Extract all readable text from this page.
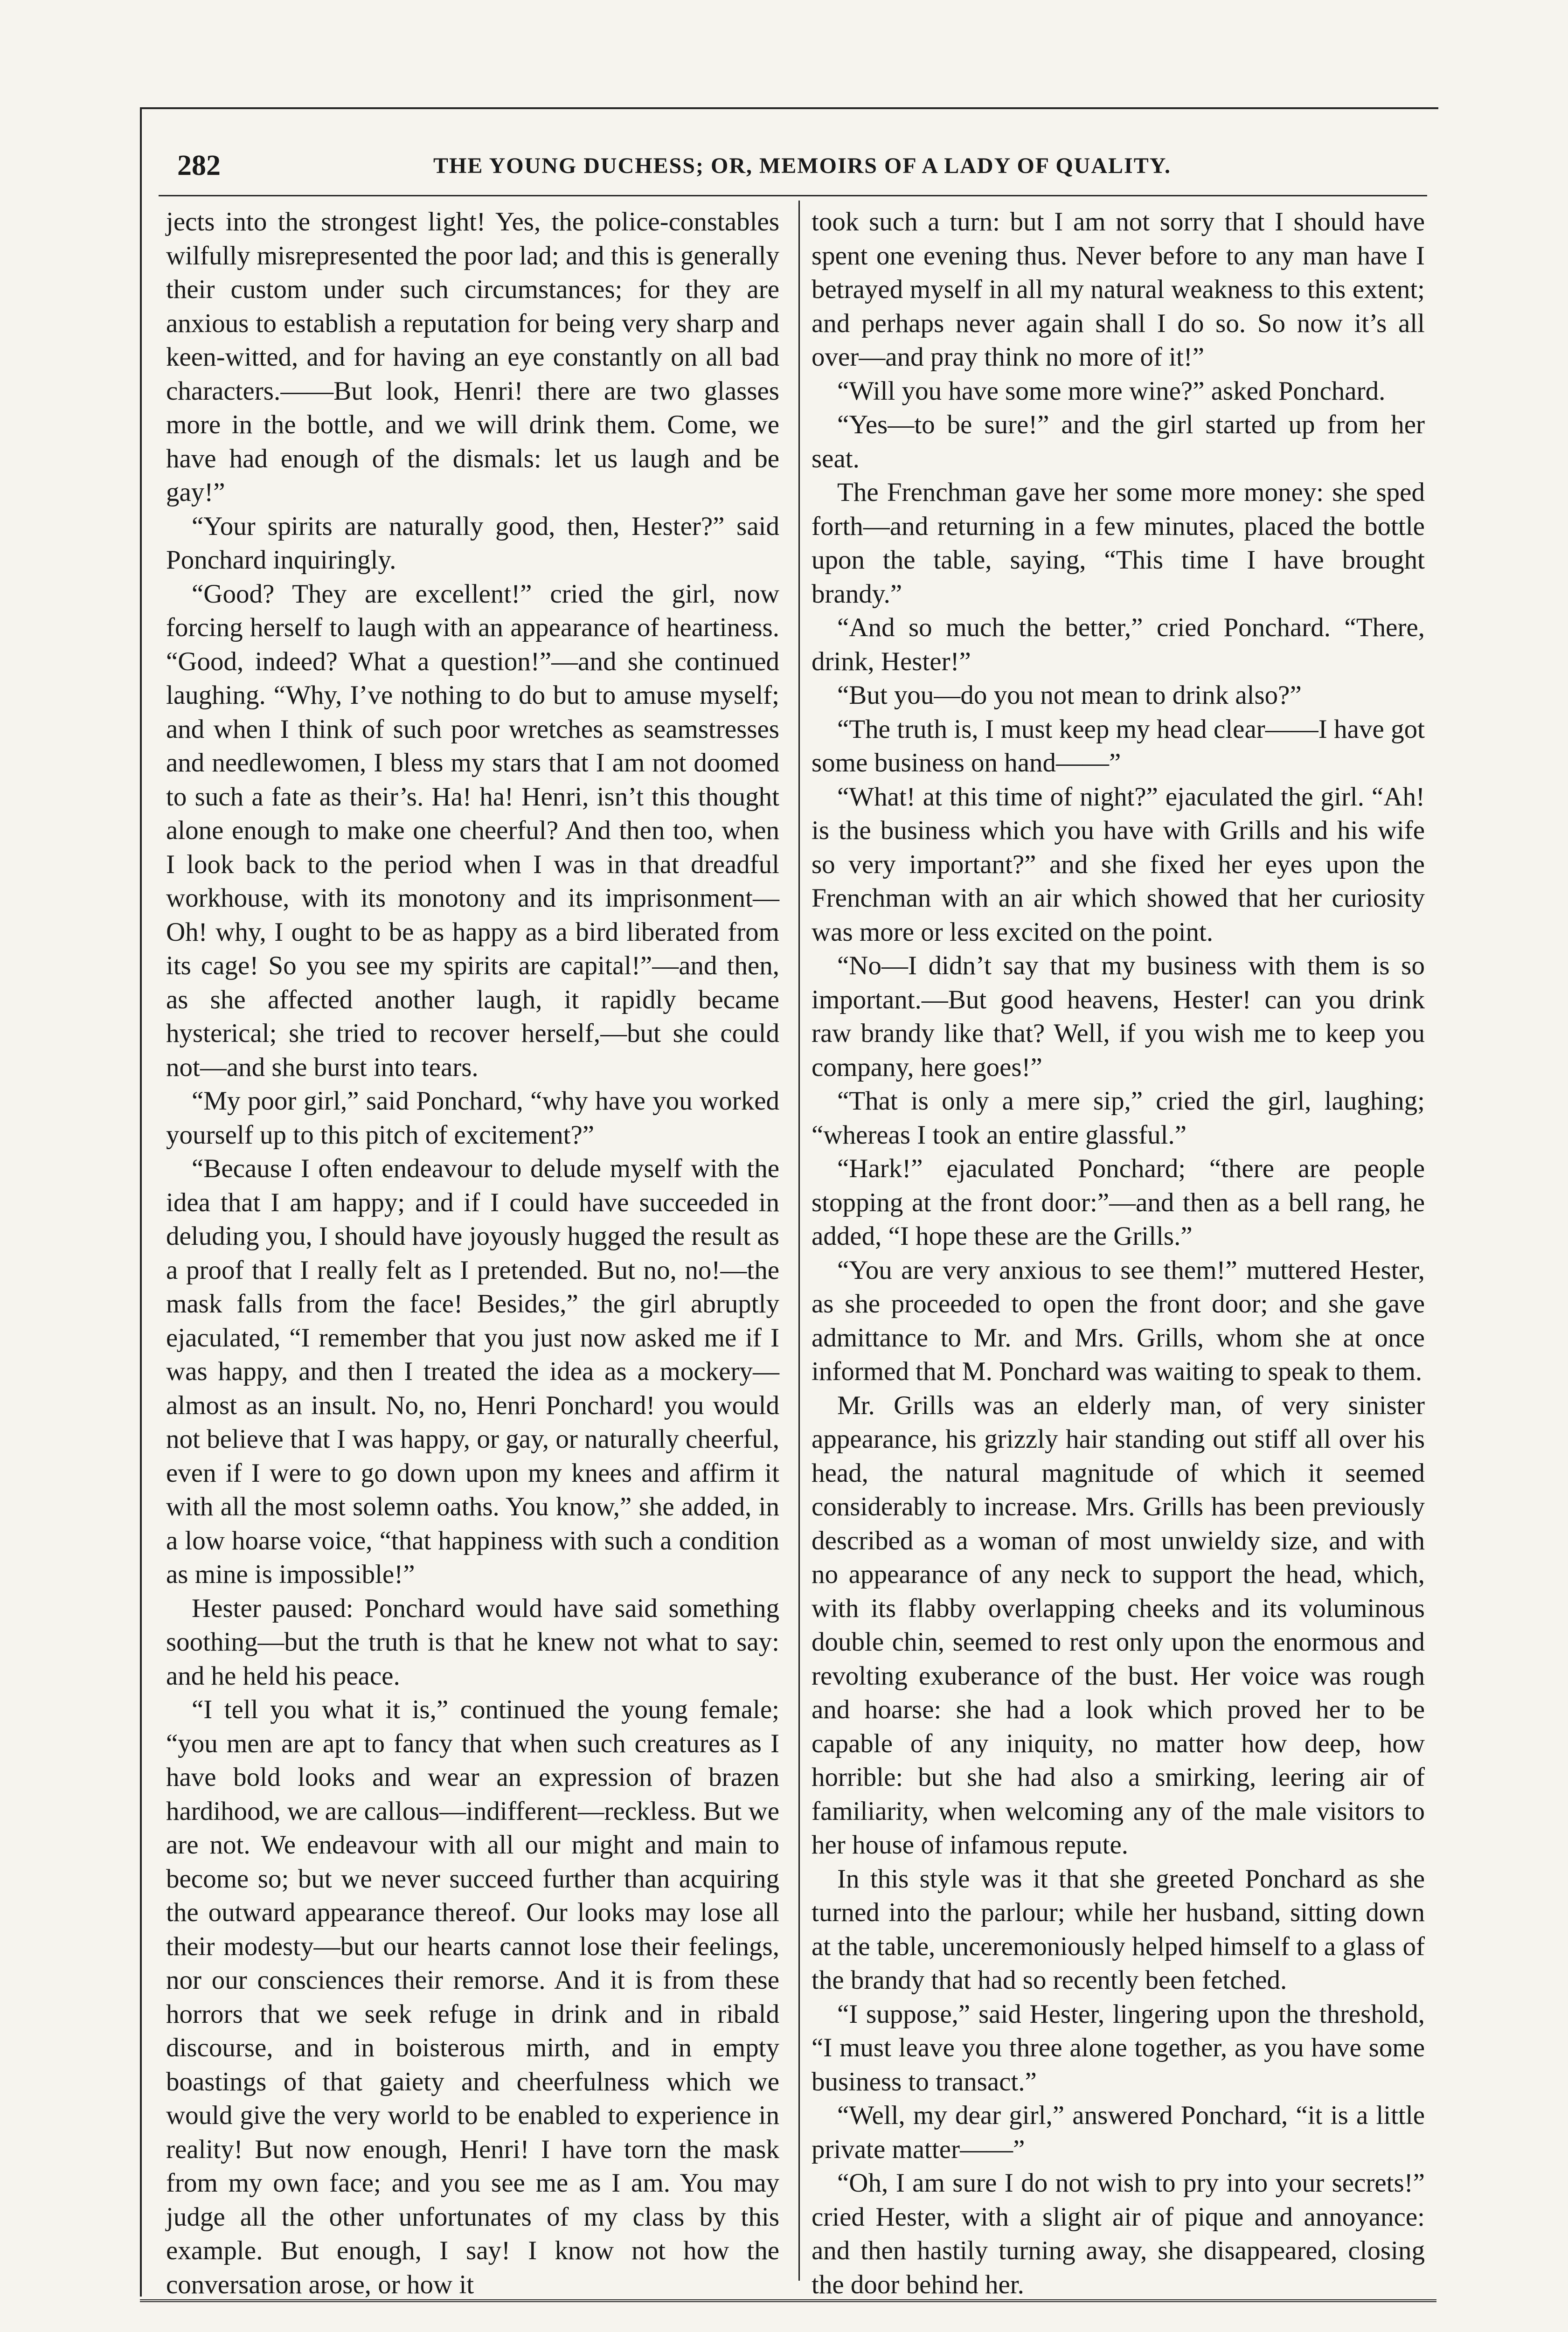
282	THE YOUNG DUCHESS; OR, MEMOIRS OF A LADY OF QUALITY.

jects into the strongest light! Yes, the police-constables wilfully misrepresented the poor lad; and this is generally their custom under such circumstances; for they are anxious to establish a reputation for being very sharp and keen-witted, and for having an eye constantly on all bad characters.——But look, Henri! there are two glasses more in the bottle, and we will drink them. Come, we have had enough of the dismals: let us laugh and be gay!”

“Your spirits are naturally good, then, Hester?” said Ponchard inquiringly.

“Good? They are excellent!” cried the girl, now forcing herself to laugh with an appearance of heartiness. “Good, indeed? What a question!”—and she continued laughing. “Why, I’ve nothing to do but to amuse myself; and when I think of such poor wretches as seamstresses and needlewomen, I bless my stars that I am not doomed to such a fate as their’s. Ha! ha! Henri, isn’t this thought alone enough to make one cheerful? And then too, when I look back to the period when I was in that dreadful workhouse, with its monotony and its imprisonment—Oh! why, I ought to be as happy as a bird liberated from its cage! So you see my spirits are capital!”—and then, as she affected another laugh, it rapidly became hysterical; she tried to recover herself,—but she could not—and she burst into tears.

“My poor girl,” said Ponchard, “why have you worked yourself up to this pitch of excitement?”

“Because I often endeavour to delude myself with the idea that I am happy; and if I could have succeeded in deluding you, I should have joyously hugged the result as a proof that I really felt as I pretended. But no, no!—the mask falls from the face! Besides,” the girl abruptly ejaculated, “I remember that you just now asked me if I was happy, and then I treated the idea as a mockery—almost as an insult. No, no, Henri Ponchard! you would not believe that I was happy, or gay, or naturally cheerful, even if I were to go down upon my knees and affirm it with all the most solemn oaths. You know,” she added, in a low hoarse voice, “that happiness with such a condition as mine is impossible!”

Hester paused: Ponchard would have said something soothing—but the truth is that he knew not what to say: and he held his peace.

“I tell you what it is,” continued the young female; “you men are apt to fancy that when such creatures as I have bold looks and wear an expression of brazen hardihood, we are callous—indifferent—reckless. But we are not. We endeavour with all our might and main to become so; but we never succeed further than acquiring the outward appearance thereof. Our looks may lose all their modesty—but our hearts cannot lose their feelings, nor our consciences their remorse. And it is from these horrors that we seek refuge in drink and in ribald discourse, and in boisterous mirth, and in empty boastings of that gaiety and cheerfulness which we would give the very world to be enabled to experience in reality! But now enough, Henri! I have torn the mask from my own face; and you see me as I am. You may judge all the other unfortunates of my class by this example. But enough, I say! I know not how the conversation arose, or how it

took such a turn: but I am not sorry that I should have spent one evening thus. Never before to any man have I betrayed myself in all my natural weakness to this extent; and perhaps never again shall I do so. So now it’s all over—and pray think no more of it!”

“Will you have some more wine?” asked Ponchard.

“Yes—to be sure!” and the girl started up from her seat.

The Frenchman gave her some more money: she sped forth—and returning in a few minutes, placed the bottle upon the table, saying, “This time I have brought brandy.”

“And so much the better,” cried Ponchard. “There, drink, Hester!”

“But you—do you not mean to drink also?”

“The truth is, I must keep my head clear——I have got some business on hand——”

“What! at this time of night?” ejaculated the girl. “Ah! is the business which you have with Grills and his wife so very important?” and she fixed her eyes upon the Frenchman with an air which showed that her curiosity was more or less excited on the point.

“No—I didn’t say that my business with them is so important.—But good heavens, Hester! can you drink raw brandy like that? Well, if you wish me to keep you company, here goes!”

“That is only a mere sip,” cried the girl, laughing; “whereas I took an entire glassful.”

“Hark!” ejaculated Ponchard; “there are people stopping at the front door:”—and then as a bell rang, he added, “I hope these are the Grills.”

“You are very anxious to see them!” muttered Hester, as she proceeded to open the front door; and she gave admittance to Mr. and Mrs. Grills, whom she at once informed that M. Ponchard was waiting to speak to them.

Mr. Grills was an elderly man, of very sinister appearance, his grizzly hair standing out stiff all over his head, the natural magnitude of which it seemed considerably to increase. Mrs. Grills has been previously described as a woman of most unwieldy size, and with no appearance of any neck to support the head, which, with its flabby overlapping cheeks and its voluminous double chin, seemed to rest only upon the enormous and revolting exuberance of the bust. Her voice was rough and hoarse: she had a look which proved her to be capable of any iniquity, no matter how deep, how horrible: but she had also a smirking, leering air of familiarity, when welcoming any of the male visitors to her house of infamous repute.

In this style was it that she greeted Ponchard as she turned into the parlour; while her husband, sitting down at the table, unceremoniously helped himself to a glass of the brandy that had so recently been fetched.

“I suppose,” said Hester, lingering upon the threshold, “I must leave you three alone together, as you have some business to transact.”

“Well, my dear girl,” answered Ponchard, “it is a little private matter——”

“Oh, I am sure I do not wish to pry into your secrets!” cried Hester, with a slight air of pique and annoyance: and then hastily turning away, she disappeared, closing the door behind her.
